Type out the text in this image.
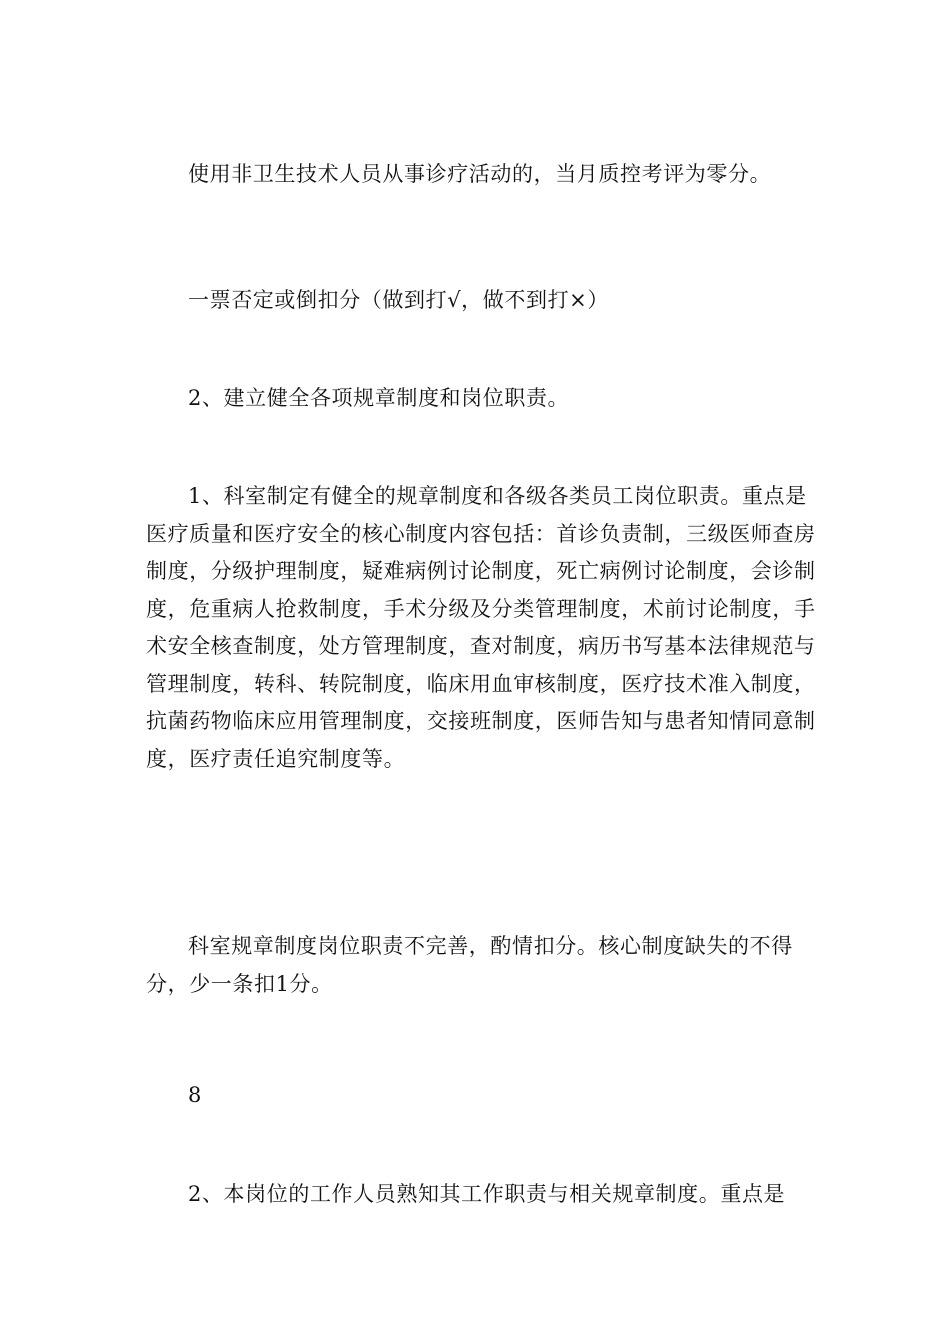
使用非卫生技术人员从事诊疗活动的，当月质控考评为零分。

一票否定或倒扣分（做到打√，做不到打×）

2、建立健全各项规章制度和岗位职责。

1、科室制定有健全的规章制度和各级各类员工岗位职责。重点是医疗质量和医疗安全的核心制度内容包括：首诊负责制，三级医师查房制度，分级护理制度，疑难病例讨论制度，死亡病例讨论制度，会诊制度，危重病人抢救制度，手术分级及分类管理制度，术前讨论制度，手术安全核查制度，处方管理制度，查对制度，病历书写基本法律规范与管理制度，转科、转院制度，临床用血审核制度，医疗技术准入制度，抗菌药物临床应用管理制度，交接班制度，医师告知与患者知情同意制度，医疗责任追究制度等。

科室规章制度岗位职责不完善，酌情扣分。核心制度缺失的不得分，少一条扣1分。

8

2、本岗位的工作人员熟知其工作职责与相关规章制度。重点是
